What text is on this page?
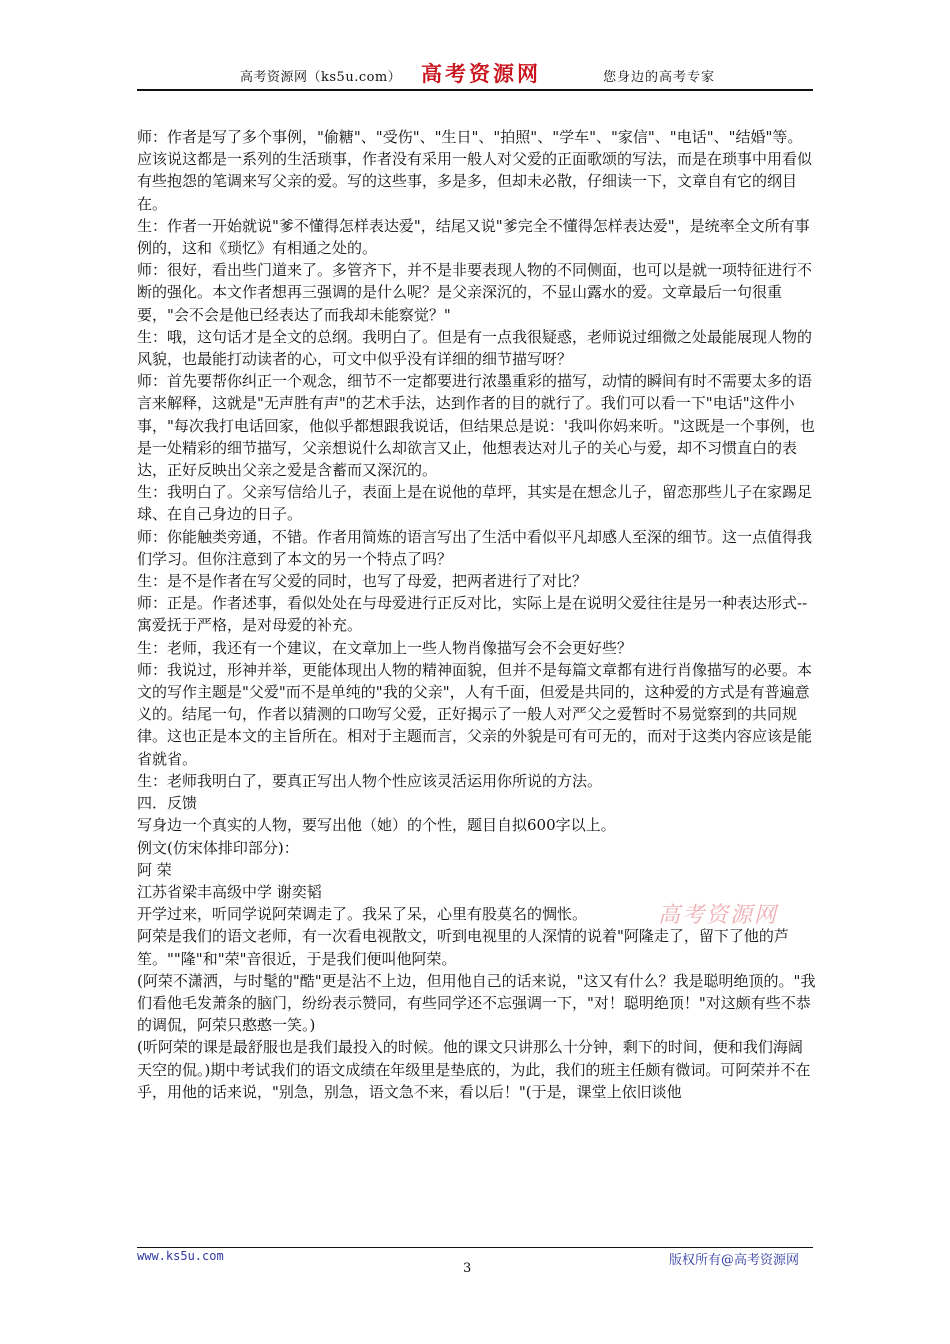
高考资源网（ks5u.com） 高考资源网	您身边的高考专家

师：作者是写了多个事例，"偷糖"、"受伤"、"生日"、"拍照"、"学车"、"家信"、"电话"、"结婚"等。应该说这都是一系列的生活琐事，作者没有采用一般人对父爱的正面歌颂的写法，而是在琐事中用看似有些抱怨的笔调来写父亲的爱。写的这些事，多是多，但却未必散，仔细读一下，文章自有它的纲目在。

生：作者一开始就说"爹不懂得怎样表达爱"，结尾又说"爹完全不懂得怎样表达爱"，是统率全文所有事例的，这和《琐忆》有相通之处的。

师：很好，看出些门道来了。多管齐下，并不是非要表现人物的不同侧面，也可以是就一项特征进行不断的强化。本文作者想再三强调的是什么呢？是父亲深沉的，不显山露水的爱。文章最后一句很重要，"会不会是他已经表达了而我却未能察觉？"

生：哦，这句话才是全文的总纲。我明白了。但是有一点我很疑惑，老师说过细微之处最能展现人物的风貌，也最能打动读者的心，可文中似乎没有详细的细节描写呀？

师：首先要帮你纠正一个观念，细节不一定都要进行浓墨重彩的描写，动情的瞬间有时不需要太多的语言来解释，这就是"无声胜有声"的艺术手法，达到作者的目的就行了。我们可以看一下"电话"这件小事，"每次我打电话回家，他似乎都想跟我说话，但结果总是说：'我叫你妈来听。"这既是一个事例，也是一处精彩的细节描写，父亲想说什么却欲言又止，他想表达对儿子的关心与爱，却不习惯直白的表达，正好反映出父亲之爱是含蓄而又深沉的。

生：我明白了。父亲写信给儿子，表面上是在说他的草坪，其实是在想念儿子，留恋那些儿子在家踢足球、在自己身边的日子。

师：你能触类旁通，不错。作者用简炼的语言写出了生活中看似平凡却感人至深的细节。这一点值得我们学习。但你注意到了本文的另一个特点了吗？

生：是不是作者在写父爱的同时，也写了母爱，把两者进行了对比？

师：正是。作者述事，看似处处在与母爱进行正反对比，实际上是在说明父爱往往是另一种表达形式--寓爱抚于严格，是对母爱的补充。

生：老师，我还有一个建议，在文章加上一些人物肖像描写会不会更好些？

师：我说过，形神并举，更能体现出人物的精神面貌，但并不是每篇文章都有进行肖像描写的必要。本文的写作主题是"父爱"而不是单纯的"我的父亲"，人有千面，但爱是共同的，这种爱的方式是有普遍意义的。结尾一句，作者以猜测的口吻写父爱，正好揭示了一般人对严父之爱暂时不易觉察到的共同规律。这也正是本文的主旨所在。相对于主题而言，父亲的外貌是可有可无的，而对于这类内容应该是能省就省。

生：老师我明白了，要真正写出人物个性应该灵活运用你所说的方法。

四．反馈

写身边一个真实的人物，要写出他（她）的个性，题目自拟600字以上。

例文(仿宋体排印部分)：

阿 荣

江苏省梁丰高级中学 谢奕韬

开学过来，听同学说阿荣调走了。我呆了呆，心里有股莫名的惆怅。

阿荣是我们的语文老师，有一次看电视散文，听到电视里的人深情的说着"阿隆走了，留下了他的芦笙。""隆"和"荣"音很近，于是我们便叫他阿荣。

(阿荣不潇洒，与时髦的"酷"更是沾不上边，但用他自己的话来说，"这又有什么？我是聪明绝顶的。"我们看他毛发萧条的脑门，纷纷表示赞同，有些同学还不忘强调一下，"对！聪明绝顶！"对这颇有些不恭的调侃，阿荣只憨憨一笑。)

(听阿荣的课是最舒服也是我们最投入的时候。他的课文只讲那么十分钟，剩下的时间，便和我们海阔天空的侃。)期中考试我们的语文成绩在年级里是垫底的，为此，我们的班主任颇有微词。可阿荣并不在乎，用他的话来说，"别急，别急，语文急不来，看以后！"(于是，课堂上依旧谈他

高考资源网
www.ks5u.com
3
版权所有@高考资源网
